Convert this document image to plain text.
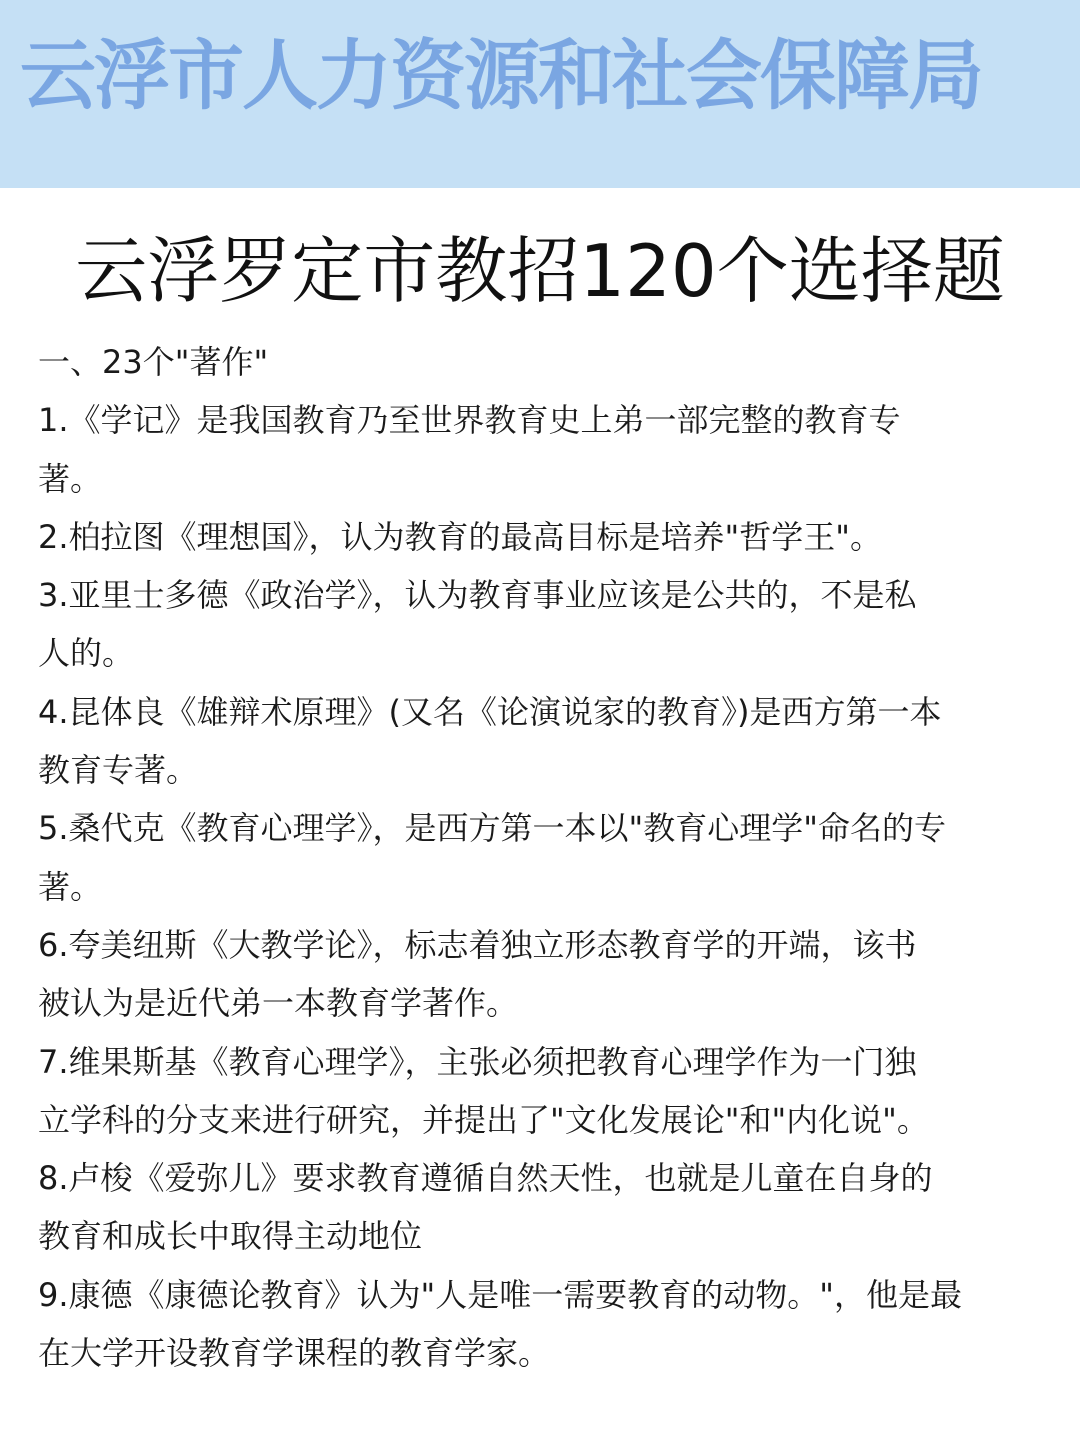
云浮市人力资源和社会保障局
云浮罗定市教招120个选择题
一、23个"著作"
1.《学记》是我国教育乃至世界教育史上弟一部完整的教育专
著。
2.柏拉图《理想国》，认为教育的最高目标是培养"哲学王"。
3.亚里士多德《政治学》，认为教育事业应该是公共的，不是私
人的。
4.昆体良《雄辩术原理》(又名《论演说家的教育》)是西方第一本
教育专著。
5.桑代克《教育心理学》，是西方第一本以"教育心理学"命名的专
著。
6.夸美纽斯《大教学论》，标志着独立形态教育学的开端，该书
被认为是近代弟一本教育学著作。
7.维果斯基《教育心理学》，主张必须把教育心理学作为一门独
立学科的分支来进行研究，并提出了"文化发展论"和"内化说"。
8.卢梭《爱弥儿》要求教育遵循自然天性，也就是儿童在自身的
教育和成长中取得主动地位
9.康德《康德论教育》认为"人是唯一需要教育的动物。"，他是最
在大学开设教育学课程的教育学家。
